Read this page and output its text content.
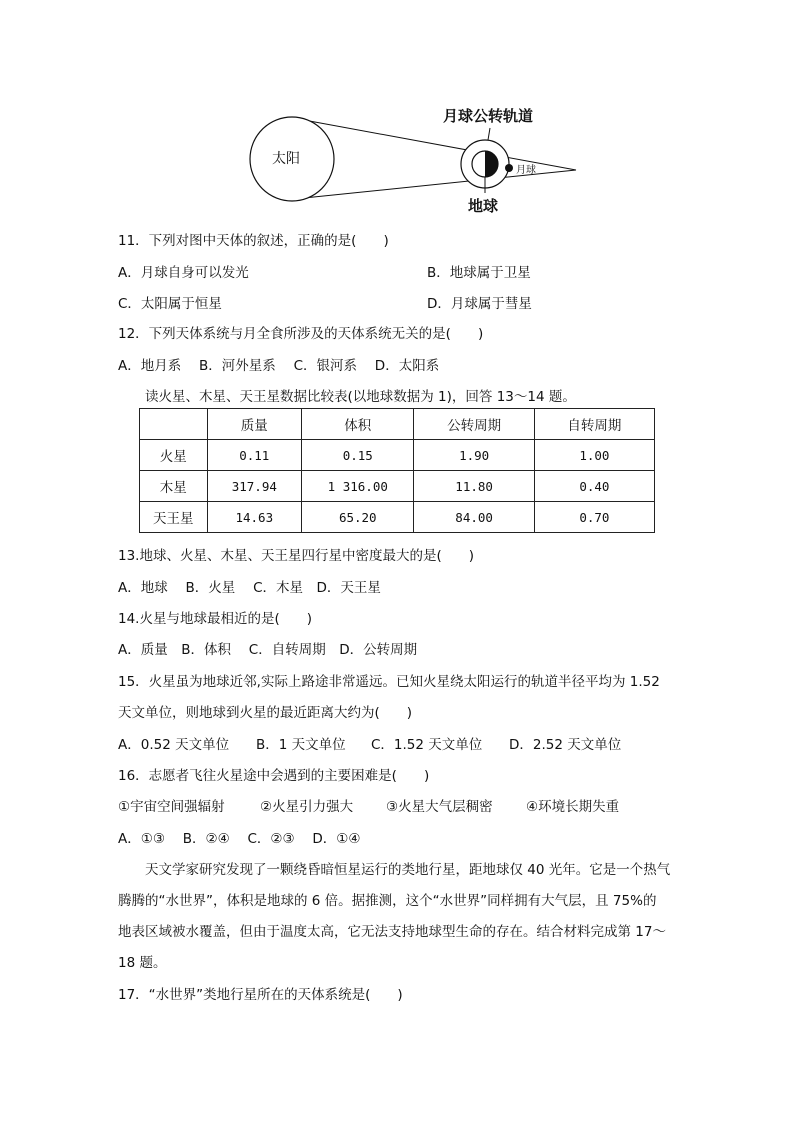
太阳
月球公转轨道
地球
月球
11．下列对图中天体的叙述，正确的是(　　)
A．月球自身可以发光	B．地球属于卫星
C．太阳属于恒星	D．月球属于彗星
12．下列天体系统与月全食所涉及的天体系统无关的是(　　)
A．地月系　 B．河外星系　 C．银河系　 D．太阳系
读火星、木星、天王星数据比较表(以地球数据为 1)，回答 13～14 题。
	质量	体积	公转周期	自转周期
火星	0.11	0.15	1.90	1.00
木星	317.94	1 316.00	11.80	0.40
天王星	14.63	65.20	84.00	0.70
13.地球、火星、木星、天王星四行星中密度最大的是(　　)
A．地球　 B．火星　 C．木星　D．天王星
14.火星与地球最相近的是(　　)
A．质量　B．体积　 C．自转周期　D．公转周期
15．火星虽为地球近邻,实际上路途非常遥远。已知火星绕太阳运行的轨道半径平均为 1.52
天文单位，则地球到火星的最近距离大约为(　　)
A．0.52 天文单位 B．1 天文单位 C．1.52 天文单位 D．2.52 天文单位
16．志愿者飞往火星途中会遇到的主要困难是(　　)
①宇宙空间强辐射	②火星引力强大 ③火星大气层稠密 ④环境长期失重
A．①③　 B．②④　 C．②③　 D．①④
天文学家研究发现了一颗绕昏暗恒星运行的类地行星，距地球仅 40 光年。它是一个热气
腾腾的“水世界”，体积是地球的 6 倍。据推测，这个“水世界”同样拥有大气层，且 75%的
地表区域被水覆盖，但由于温度太高，它无法支持地球型生命的存在。结合材料完成第 17～
18 题。
17．“水世界”类地行星所在的天体系统是(　　)
